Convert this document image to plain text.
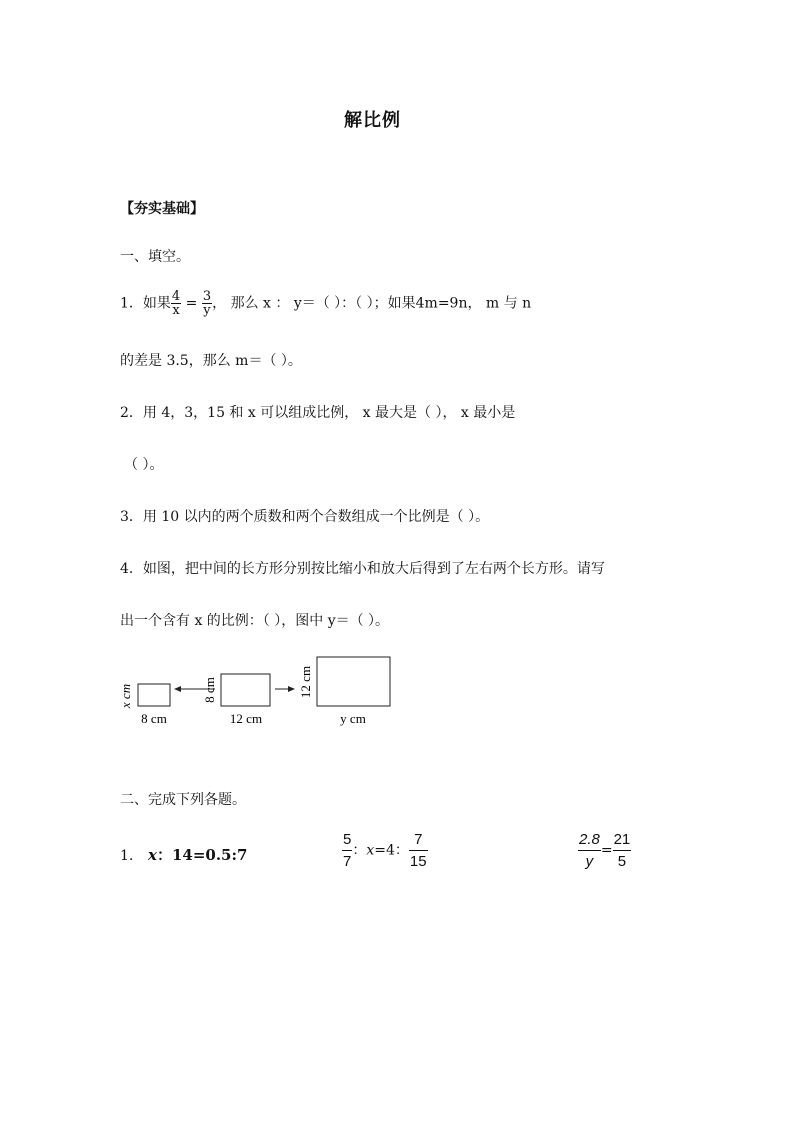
解比例
【夯实基础】
一、填空。
1．如果 $\frac{4}{x} = \frac{3}{y}$ ， 那么 x ： y＝（ ）：（ ）；如果4m=9n， m 与 n
的差是 3.5，那么 m＝（ ）。
2．用 4，3，15 和 x 可以组成比例， x 最大是（ ）， x 最小是
（ ）。
3．用 10 以内的两个质数和两个合数组成一个比例是（ ）。
4．如图，把中间的长方形分别按比缩小和放大后得到了左右两个长方形。请写
出一个含有 x 的比例：（ ），图中 y＝（ ）。
x cm
8 cm
8 cm
12 cm
12 cm
y cm
二、完成下列各题。
1. x：14=0.5:7	$\frac{5}{7}$ ：x=4： $\frac{7}{15}$	$\frac{2.8}{y} = \frac{21}{5}$
